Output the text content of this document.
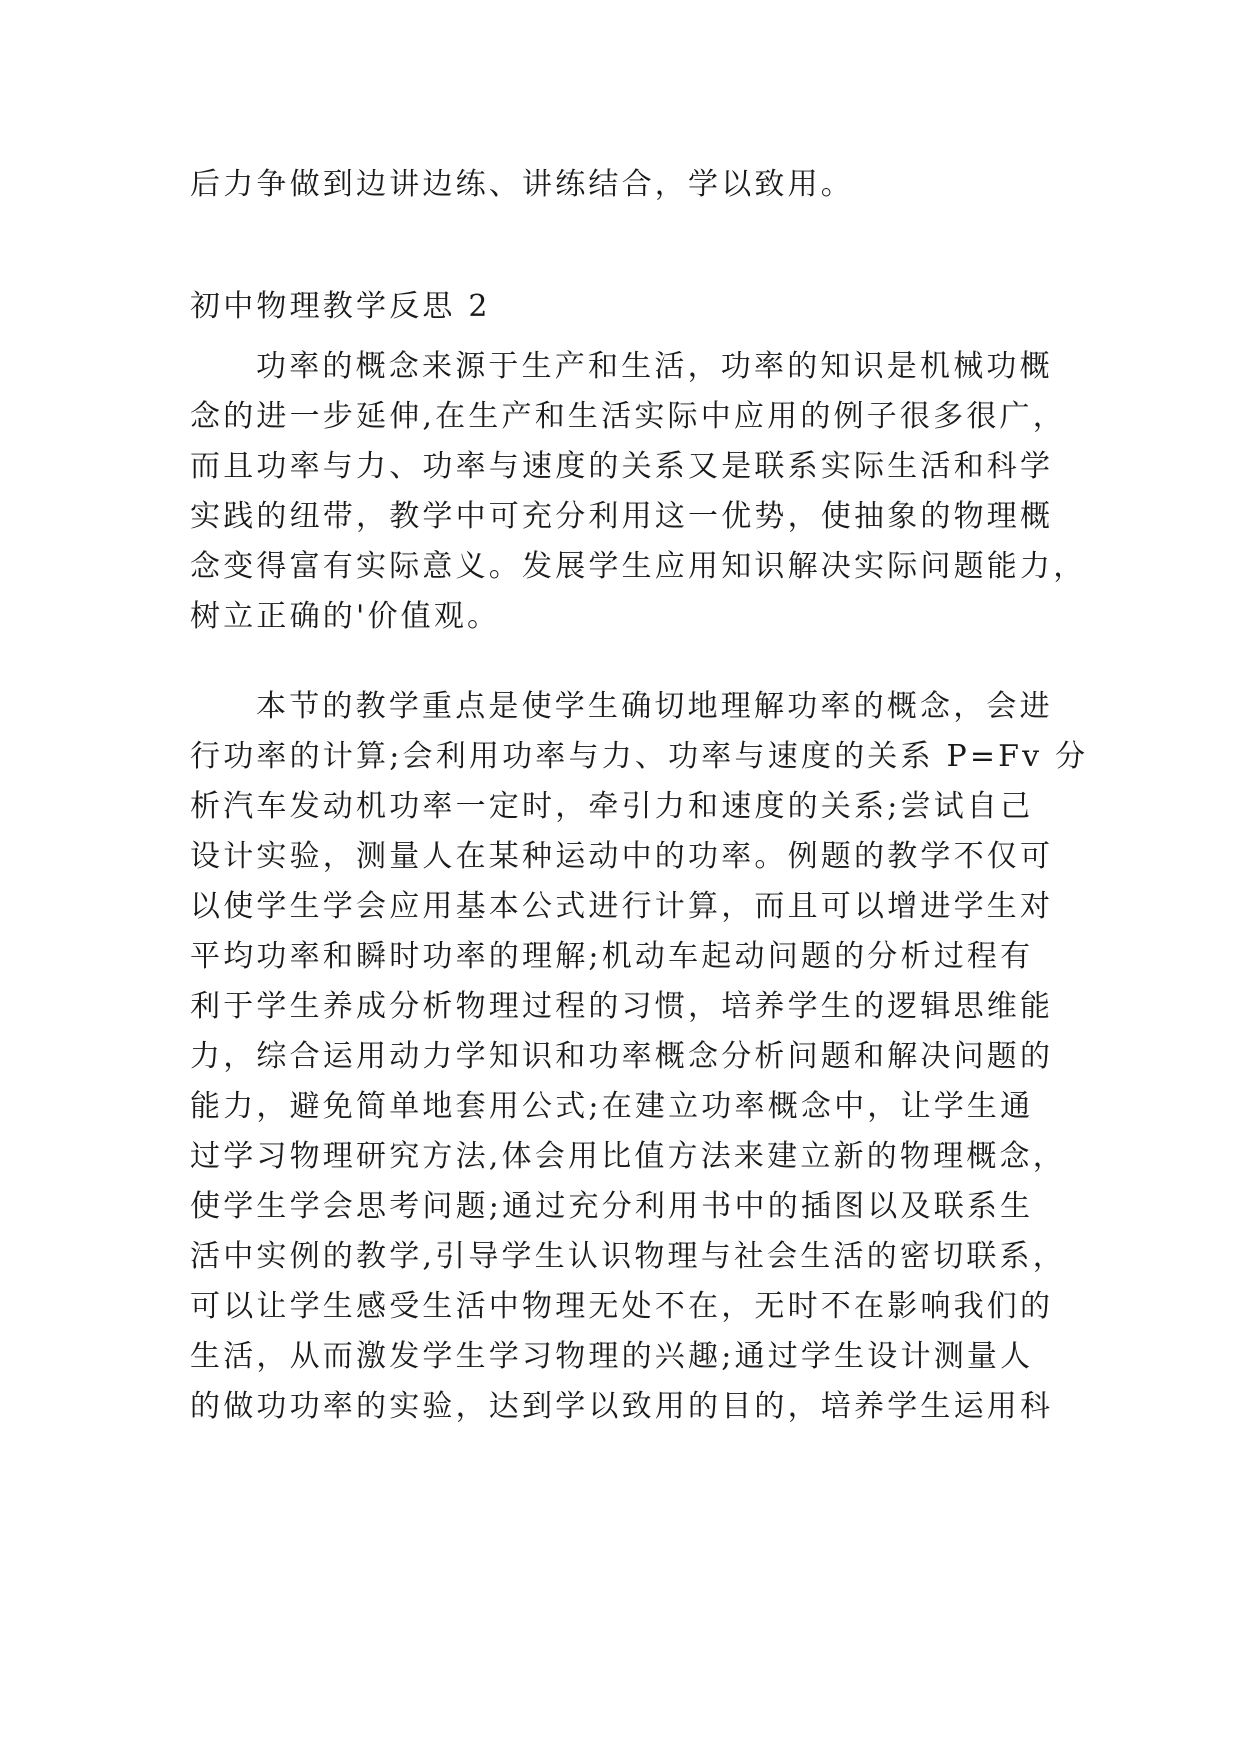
后力争做到边讲边练、讲练结合，学以致用。
初中物理教学反思 2
功率的概念来源于生产和生活，功率的知识是机械功概
念的进一步延伸,在生产和生活实际中应用的例子很多很广，
而且功率与力、功率与速度的关系又是联系实际生活和科学
实践的纽带，教学中可充分利用这一优势，使抽象的物理概
念变得富有实际意义。发展学生应用知识解决实际问题能力，
树立正确的'价值观。
本节的教学重点是使学生确切地理解功率的概念，会进
行功率的计算;会利用功率与力、功率与速度的关系 P=Fv 分
析汽车发动机功率一定时，牵引力和速度的关系;尝试自己
设计实验，测量人在某种运动中的功率。例题的教学不仅可
以使学生学会应用基本公式进行计算，而且可以增进学生对
平均功率和瞬时功率的理解;机动车起动问题的分析过程有
利于学生养成分析物理过程的习惯，培养学生的逻辑思维能
力，综合运用动力学知识和功率概念分析问题和解决问题的
能力，避免简单地套用公式;在建立功率概念中，让学生通
过学习物理研究方法,体会用比值方法来建立新的物理概念，
使学生学会思考问题;通过充分利用书中的插图以及联系生
活中实例的教学,引导学生认识物理与社会生活的密切联系，
可以让学生感受生活中物理无处不在，无时不在影响我们的
生活，从而激发学生学习物理的兴趣;通过学生设计测量人
的做功功率的实验，达到学以致用的目的，培养学生运用科
